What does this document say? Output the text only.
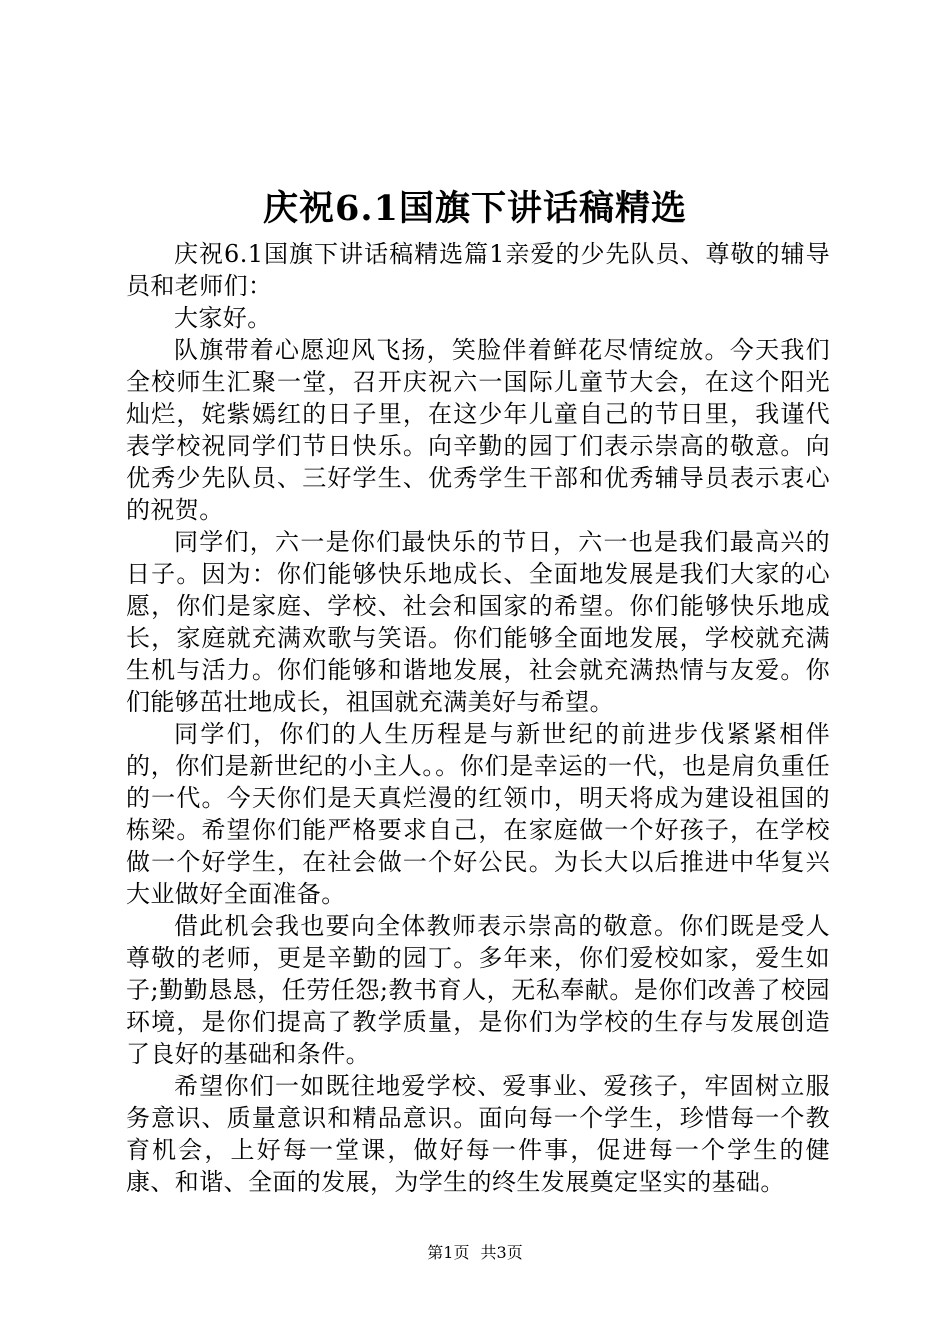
庆祝6.1国旗下讲话稿精选

庆祝6.1国旗下讲话稿精选篇1亲爱的少先队员、尊敬的辅导员和老师们：

大家好。

队旗带着心愿迎风飞扬，笑脸伴着鲜花尽情绽放。今天我们全校师生汇聚一堂，召开庆祝六一国际儿童节大会，在这个阳光灿烂，姹紫嫣红的日子里，在这少年儿童自己的节日里，我谨代表学校祝同学们节日快乐。向辛勤的园丁们表示崇高的敬意。向优秀少先队员、三好学生、优秀学生干部和优秀辅导员表示衷心的祝贺。

同学们，六一是你们最快乐的节日，六一也是我们最高兴的日子。因为：你们能够快乐地成长、全面地发展是我们大家的心愿，你们是家庭、学校、社会和国家的希望。你们能够快乐地成长，家庭就充满欢歌与笑语。你们能够全面地发展，学校就充满生机与活力。你们能够和谐地发展，社会就充满热情与友爱。你们能够茁壮地成长，祖国就充满美好与希望。

同学们，你们的人生历程是与新世纪的前进步伐紧紧相伴的，你们是新世纪的小主人。。你们是幸运的一代，也是肩负重任的一代。今天你们是天真烂漫的红领巾，明天将成为建设祖国的栋梁。希望你们能严格要求自己，在家庭做一个好孩子，在学校做一个好学生，在社会做一个好公民。为长大以后推进中华复兴大业做好全面准备。

借此机会我也要向全体教师表示崇高的敬意。你们既是受人尊敬的老师，更是辛勤的园丁。多年来，你们爱校如家，爱生如子;勤勤恳恳，任劳任怨;教书育人，无私奉献。是你们改善了校园环境，是你们提高了教学质量，是你们为学校的生存与发展创造了良好的基础和条件。

希望你们一如既往地爱学校、爱事业、爱孩子，牢固树立服务意识、质量意识和精品意识。面向每一个学生，珍惜每一个教育机会，上好每一堂课，做好每一件事，促进每一个学生的健康、和谐、全面的发展，为学生的终生发展奠定坚实的基础。

第1页 共3页
